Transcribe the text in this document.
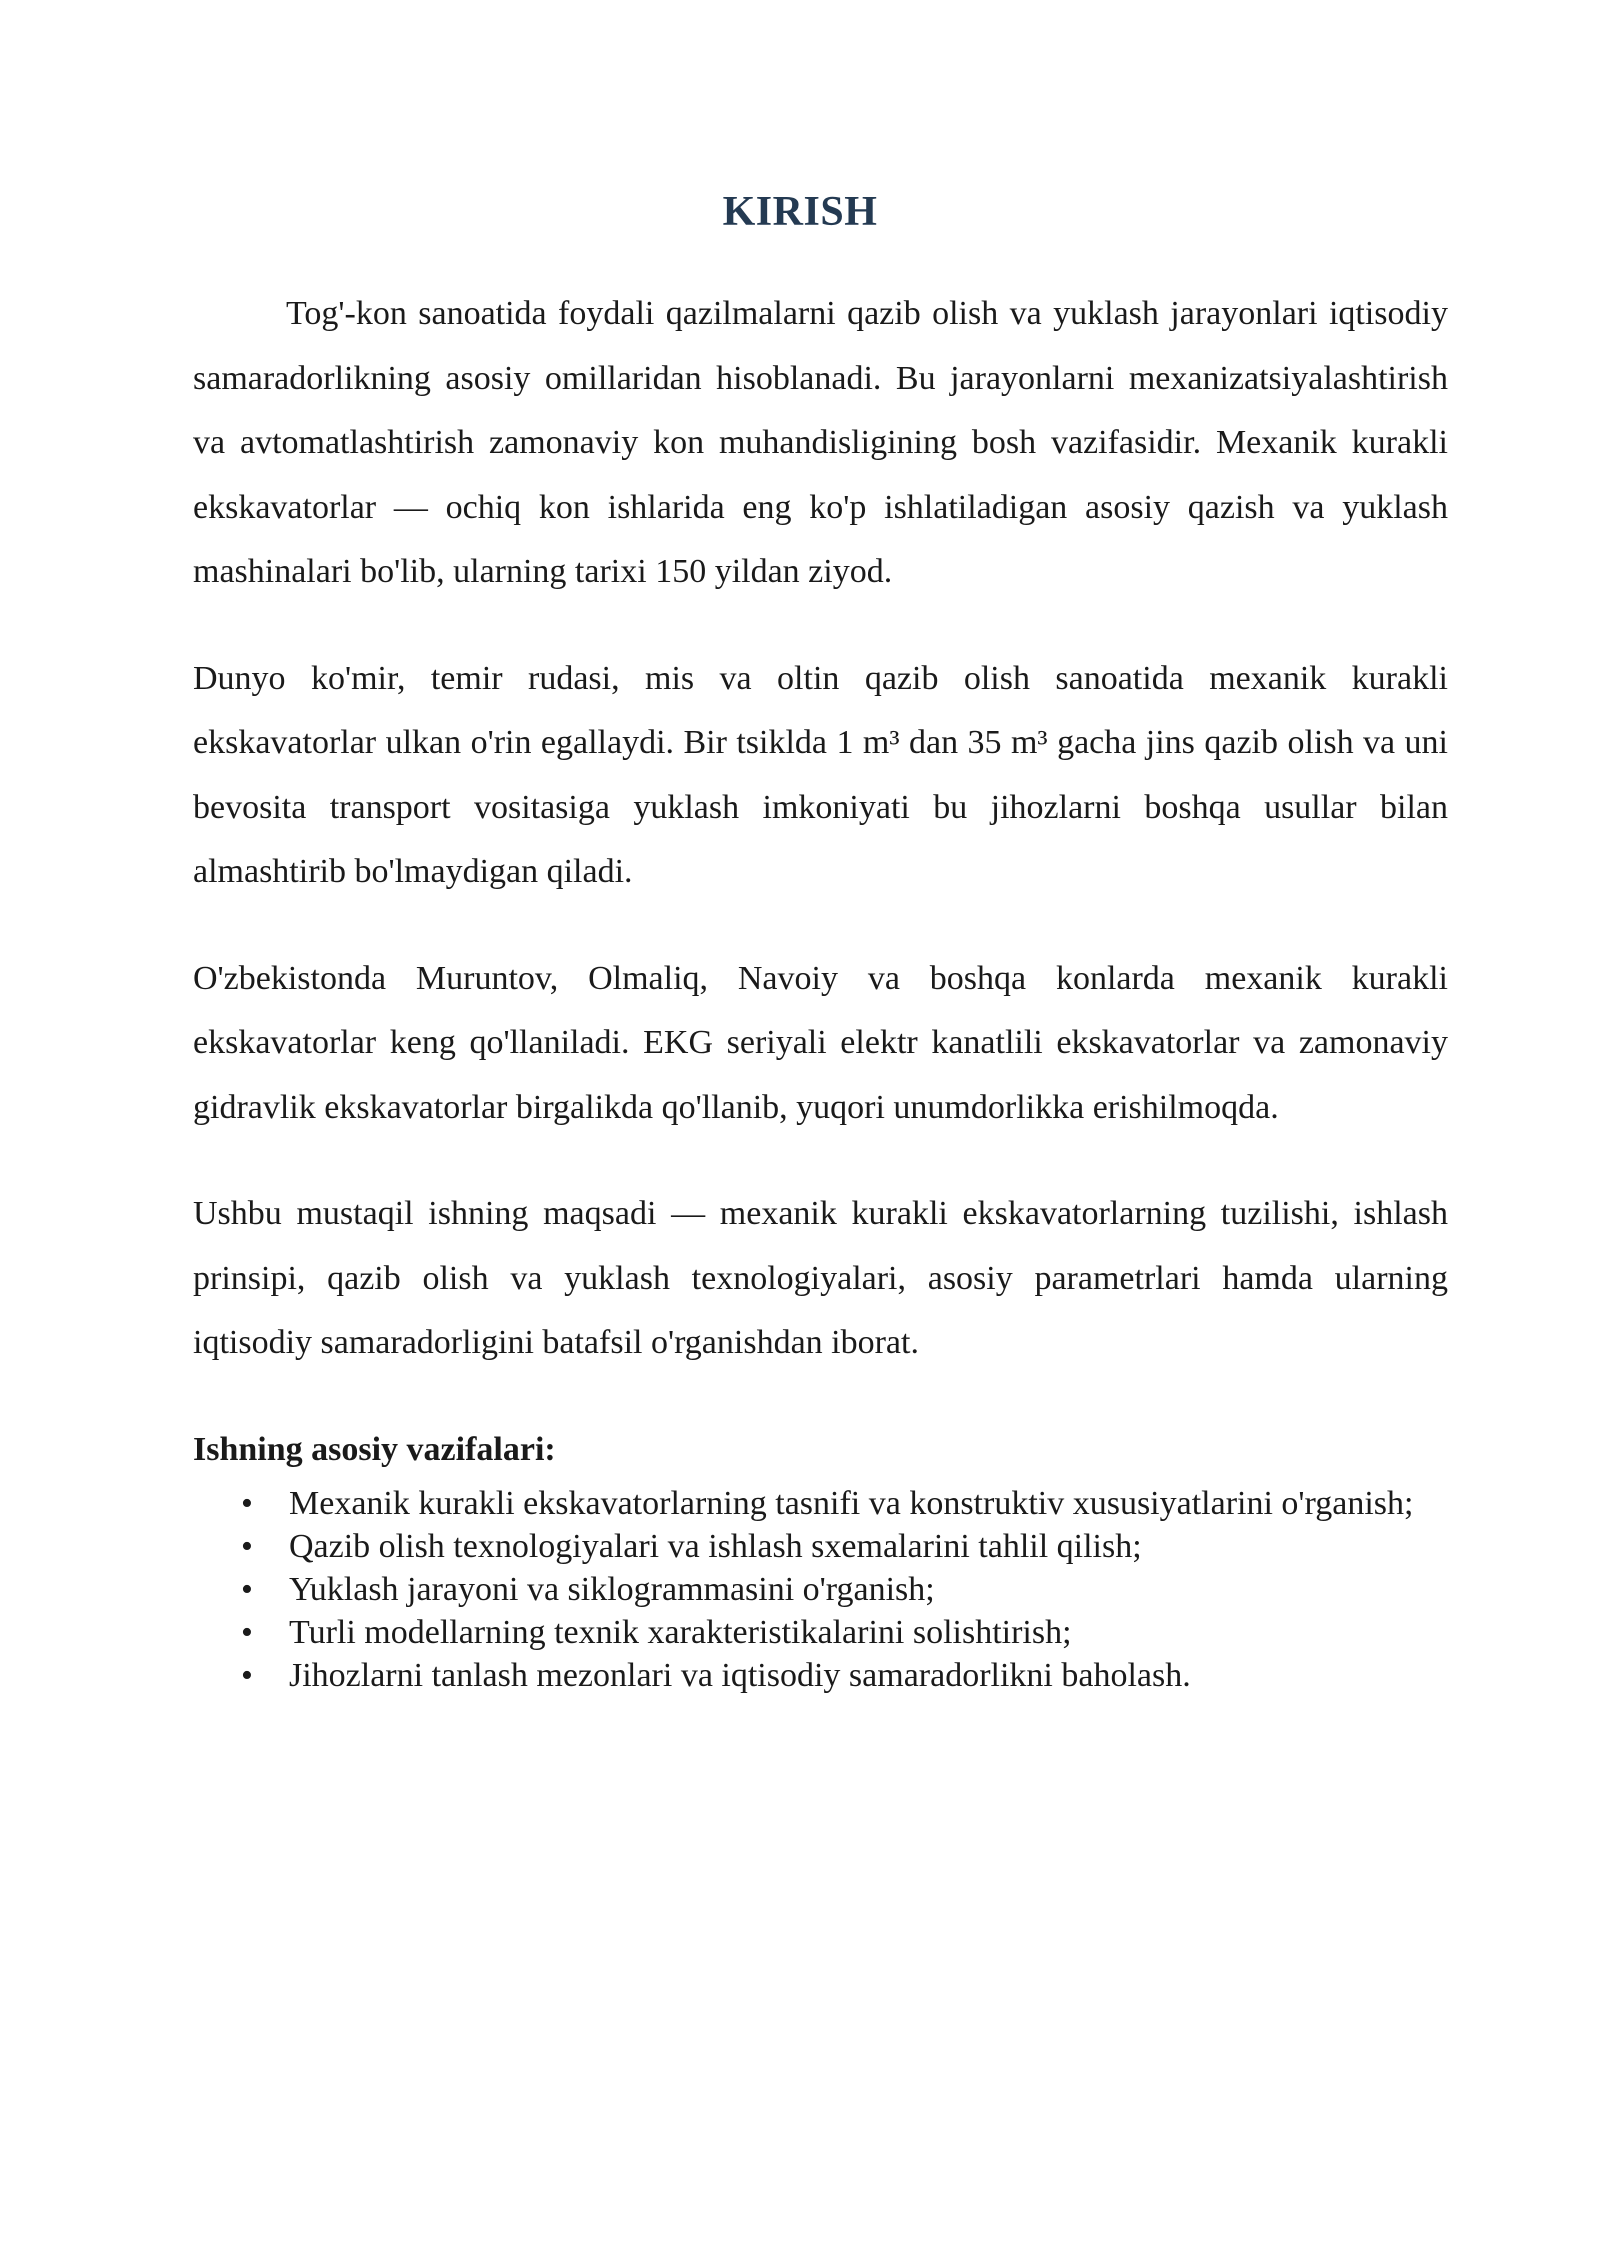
KIRISH

Tog'-kon sanoatida foydali qazilmalarni qazib olish va yuklash jarayonlari iqtisodiy samaradorlikning asosiy omillaridan hisoblanadi. Bu jarayonlarni mexanizatsiyalashtirish va avtomatlashtirish zamonaviy kon muhandisligining bosh vazifasidir. Mexanik kurakli ekskavatorlar — ochiq kon ishlarida eng ko'p ishlatiladigan asosiy qazish va yuklash mashinalari bo'lib, ularning tarixi 150 yildan ziyod.

Dunyo ko'mir, temir rudasi, mis va oltin qazib olish sanoatida mexanik kurakli ekskavatorlar ulkan o'rin egallaydi. Bir tsiklda 1 m³ dan 35 m³ gacha jins qazib olish va uni bevosita transport vositasiga yuklash imkoniyati bu jihozlarni boshqa usullar bilan almashtirib bo'lmaydigan qiladi.

O'zbekistonda Muruntov, Olmaliq, Navoiy va boshqa konlarda mexanik kurakli ekskavatorlar keng qo'llaniladi. EKG seriyali elektr kanatlili ekskavatorlar va zamonaviy gidravlik ekskavatorlar birgalikda qo'llanib, yuqori unumdorlikka erishilmoqda.

Ushbu mustaqil ishning maqsadi — mexanik kurakli ekskavatorlarning tuzilishi, ishlash prinsipi, qazib olish va yuklash texnologiyalari, asosiy parametrlari hamda ularning iqtisodiy samaradorligini batafsil o'rganishdan iborat.

Ishning asosiy vazifalari:
• Mexanik kurakli ekskavatorlarning tasnifi va konstruktiv xususiyatlarini o'rganish;
• Qazib olish texnologiyalari va ishlash sxemalarini tahlil qilish;
• Yuklash jarayoni va siklogrammasini o'rganish;
• Turli modellarning texnik xarakteristikalarini solishtirish;
• Jihozlarni tanlash mezonlari va iqtisodiy samaradorlikni baholash.
